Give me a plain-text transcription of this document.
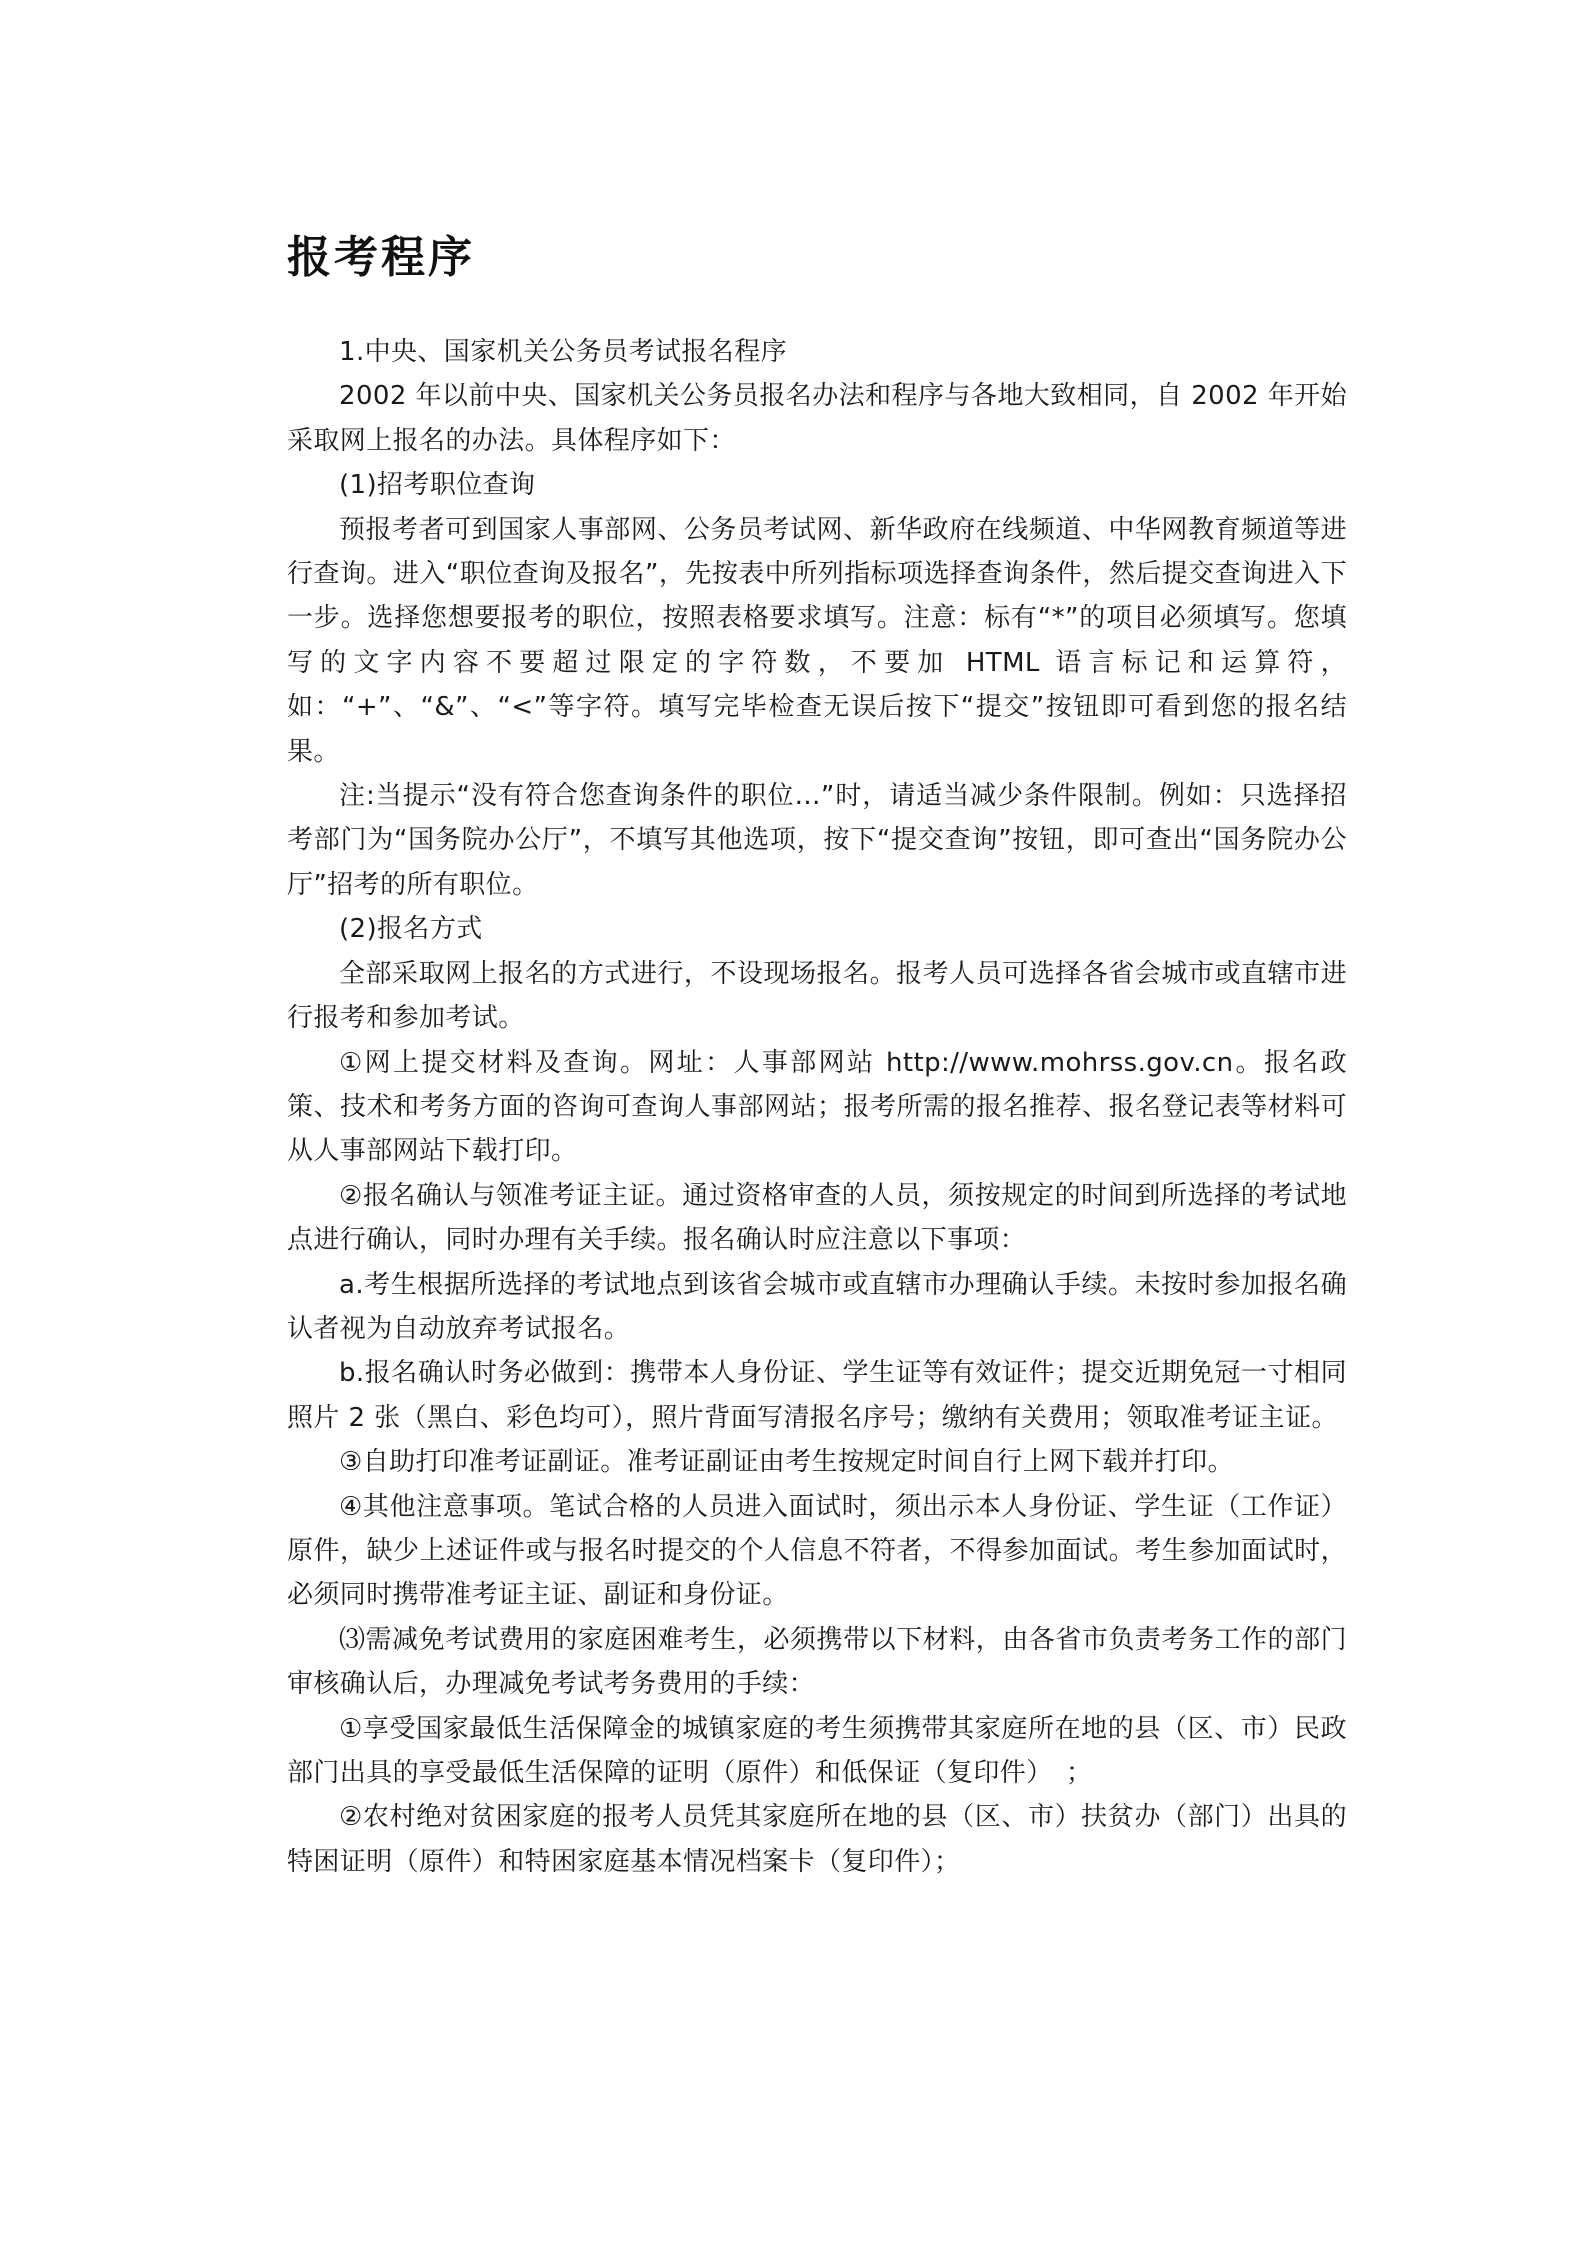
报考程序

1.中央、国家机关公务员考试报名程序

2002 年以前中央、国家机关公务员报名办法和程序与各地大致相同，自 2002 年开始采取网上报名的办法。具体程序如下：

(1)招考职位查询

预报考者可到国家人事部网、公务员考试网、新华政府在线频道、中华网教育频道等进行查询。进入“职位查询及报名”，先按表中所列指标项选择查询条件，然后提交查询进入下一步。选择您想要报考的职位，按照表格要求填写。注意：标有“*”的项目必须填写。您填写的文字内容不要超过限定的字符数，不要加 HTML 语言标记和运算符，如：“+”、“&”、“<”等字符。填写完毕检查无误后按下“提交”按钮即可看到您的报名结果。

注:当提示“没有符合您查询条件的职位…”时，请适当减少条件限制。例如：只选择招考部门为“国务院办公厅”，不填写其他选项，按下“提交查询”按钮，即可查出“国务院办公厅”招考的所有职位。

(2)报名方式

全部采取网上报名的方式进行，不设现场报名。报考人员可选择各省会城市或直辖市进行报考和参加考试。

①网上提交材料及查询。网址：人事部网站 http://www.mohrss.gov.cn。报名政策、技术和考务方面的咨询可查询人事部网站；报考所需的报名推荐、报名登记表等材料可从人事部网站下载打印。

②报名确认与领准考证主证。通过资格审查的人员，须按规定的时间到所选择的考试地点进行确认，同时办理有关手续。报名确认时应注意以下事项：

a.考生根据所选择的考试地点到该省会城市或直辖市办理确认手续。未按时参加报名确认者视为自动放弃考试报名。

b.报名确认时务必做到：携带本人身份证、学生证等有效证件；提交近期免冠一寸相同照片 2 张（黑白、彩色均可），照片背面写清报名序号；缴纳有关费用；领取准考证主证。

③自助打印准考证副证。准考证副证由考生按规定时间自行上网下载并打印。

④其他注意事项。笔试合格的人员进入面试时，须出示本人身份证、学生证（工作证）原件，缺少上述证件或与报名时提交的个人信息不符者，不得参加面试。考生参加面试时，必须同时携带准考证主证、副证和身份证。

⑶需减免考试费用的家庭困难考生，必须携带以下材料，由各省市负责考务工作的部门审核确认后，办理减免考试考务费用的手续：

①享受国家最低生活保障金的城镇家庭的考生须携带其家庭所在地的县（区、市）民政部门出具的享受最低生活保障的证明（原件）和低保证（复印件）　；

②农村绝对贫困家庭的报考人员凭其家庭所在地的县（区、市）扶贫办（部门）出具的特困证明（原件）和特困家庭基本情况档案卡（复印件）；
